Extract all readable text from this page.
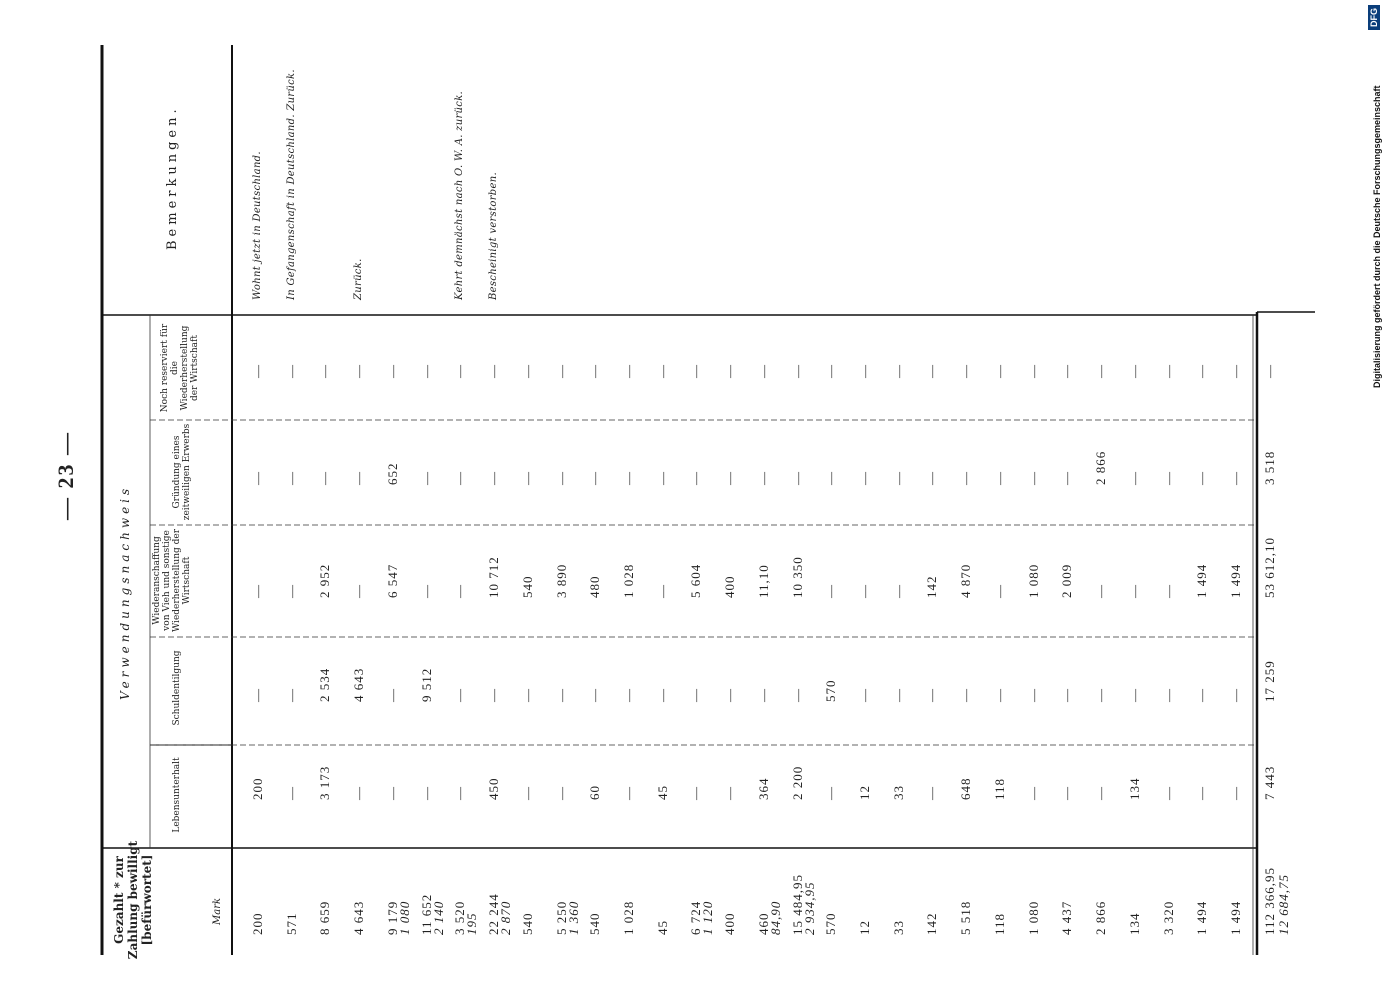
— 23 —
Gezahlt * zur Zahlung bewilligt [befürwortet]	Mark
Verwendungsnachweis
Lebensunterhalt
Schuldentilgung
Wiederanschaffung von Vieh und sonstige Wiederherstellung der Wirtschaft
Gründung eines zeitweiligen Erwerbs
Noch reserviert für die Wiederherstellung der Wirtschaft
Bemerkungen.
200
200
—
—
—
—
Wohnt jetzt in Deutschland.
571
—
—
—
—
—
In Gefangenschaft in Deutschland. Zurück.
8 659
3 173
2 534
2 952
—
—
4 643
—
4 643
—
—
—
Zurück.
9 179
—
—
6 547
652
—
1 080 11 652
—
9 512
—
—
—
2 140 3 520
—
—
—
—
—
195
Kehrt demnächst nach O. W. A. zurück.
22 244
450
—
10 712
—
—
2 870
Bescheinigt verstorben.
540
—
—
540
—
—
5 250
—
—
3 890
—
—
1 360 540
60
—
480
—
—
1 028
—
—
1 028
—
—
45
45
—
—
—
—
6 724
—
—
5 604
—
—
1 120 400
—
—
400
—
—
460
364
—
11,10
—
—
84,90 15 484,95
2 200
—
10 350
—
—
2 934,95 570
—
570
—
—
—
12
12
—
—
—
—
33
33
—
—
—
—
142
—
—
142
—
—
5 518
648
—
4 870
—
—
118
118
—
—
—
—
1 080
—
—
1 080
—
—
4 437
—
—
2 009
—
—
2 866
—
—
—
2 866
—
134
134
—
—
—
—
3 320
—
—
—
—
—
1 494
—
—
1 494
—
—
1 494
—
—
1 494
—
—
112 366,95
7 443
17 259
53 612,10
3 518
—
12 684,75
Digitalisierung gefördert durch die Deutsche Forschungsgemeinschaft
DFG
